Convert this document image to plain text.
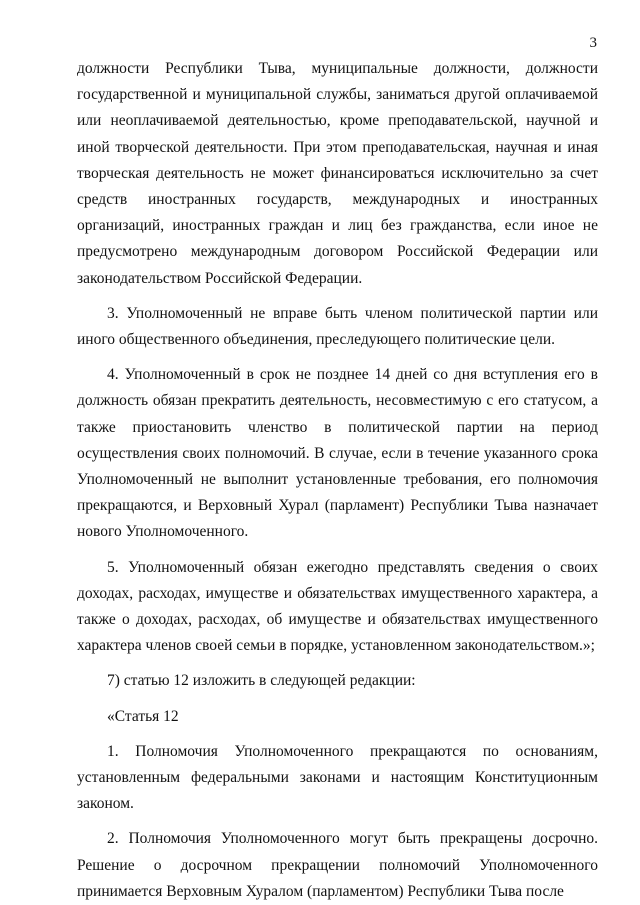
3

должности Республики Тыва, муниципальные должности, должности государственной и муниципальной службы, заниматься другой оплачиваемой или неоплачиваемой деятельностью, кроме преподавательской, научной и иной творческой деятельности. При этом преподавательская, научная и иная творческая деятельность не может финансироваться исключительно за счет средств иностранных государств, международных и иностранных организаций, иностранных граждан и лиц без гражданства, если иное не предусмотрено международным договором Российской Федерации или законодательством Российской Федерации.

3. Уполномоченный не вправе быть членом политической партии или иного общественного объединения, преследующего политические цели.

4. Уполномоченный в срок не позднее 14 дней со дня вступления его в должность обязан прекратить деятельность, несовместимую с его статусом, а также приостановить членство в политической партии на период осуществления своих полномочий. В случае, если в течение указанного срока Уполномоченный не выполнит установленные требования, его полномочия прекращаются, и Верховный Хурал (парламент) Республики Тыва назначает нового Уполномоченного.

5. Уполномоченный обязан ежегодно представлять сведения о своих доходах, расходах, имуществе и обязательствах имущественного характера, а также о доходах, расходах, об имуществе и обязательствах имущественного характера членов своей семьи в порядке, установленном законодательством.»;

7) статью 12 изложить в следующей редакции:

«Статья 12

1. Полномочия Уполномоченного прекращаются по основаниям, установленным федеральными законами и настоящим Конституционным законом.

2. Полномочия Уполномоченного могут быть прекращены досрочно. Решение о досрочном прекращении полномочий Уполномоченного принимается Верховным Хуралом (парламентом) Республики Тыва после
